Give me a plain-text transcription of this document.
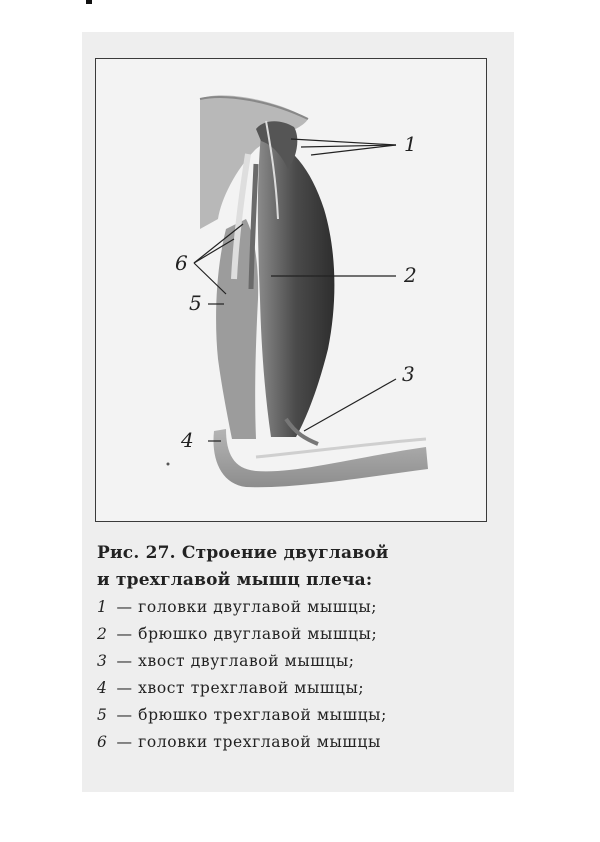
1
2
3
4
5
6
Рис. 27. Строение двуглавой
и трехглавой мышц плеча:
1 — головки двуглавой мышцы;
2 — брюшко двуглавой мышцы;
3 — хвост двуглавой мышцы;
4 — хвост трехглавой мышцы;
5 — брюшко трехглавой мышцы;
6 — головки трехглавой мышцы
